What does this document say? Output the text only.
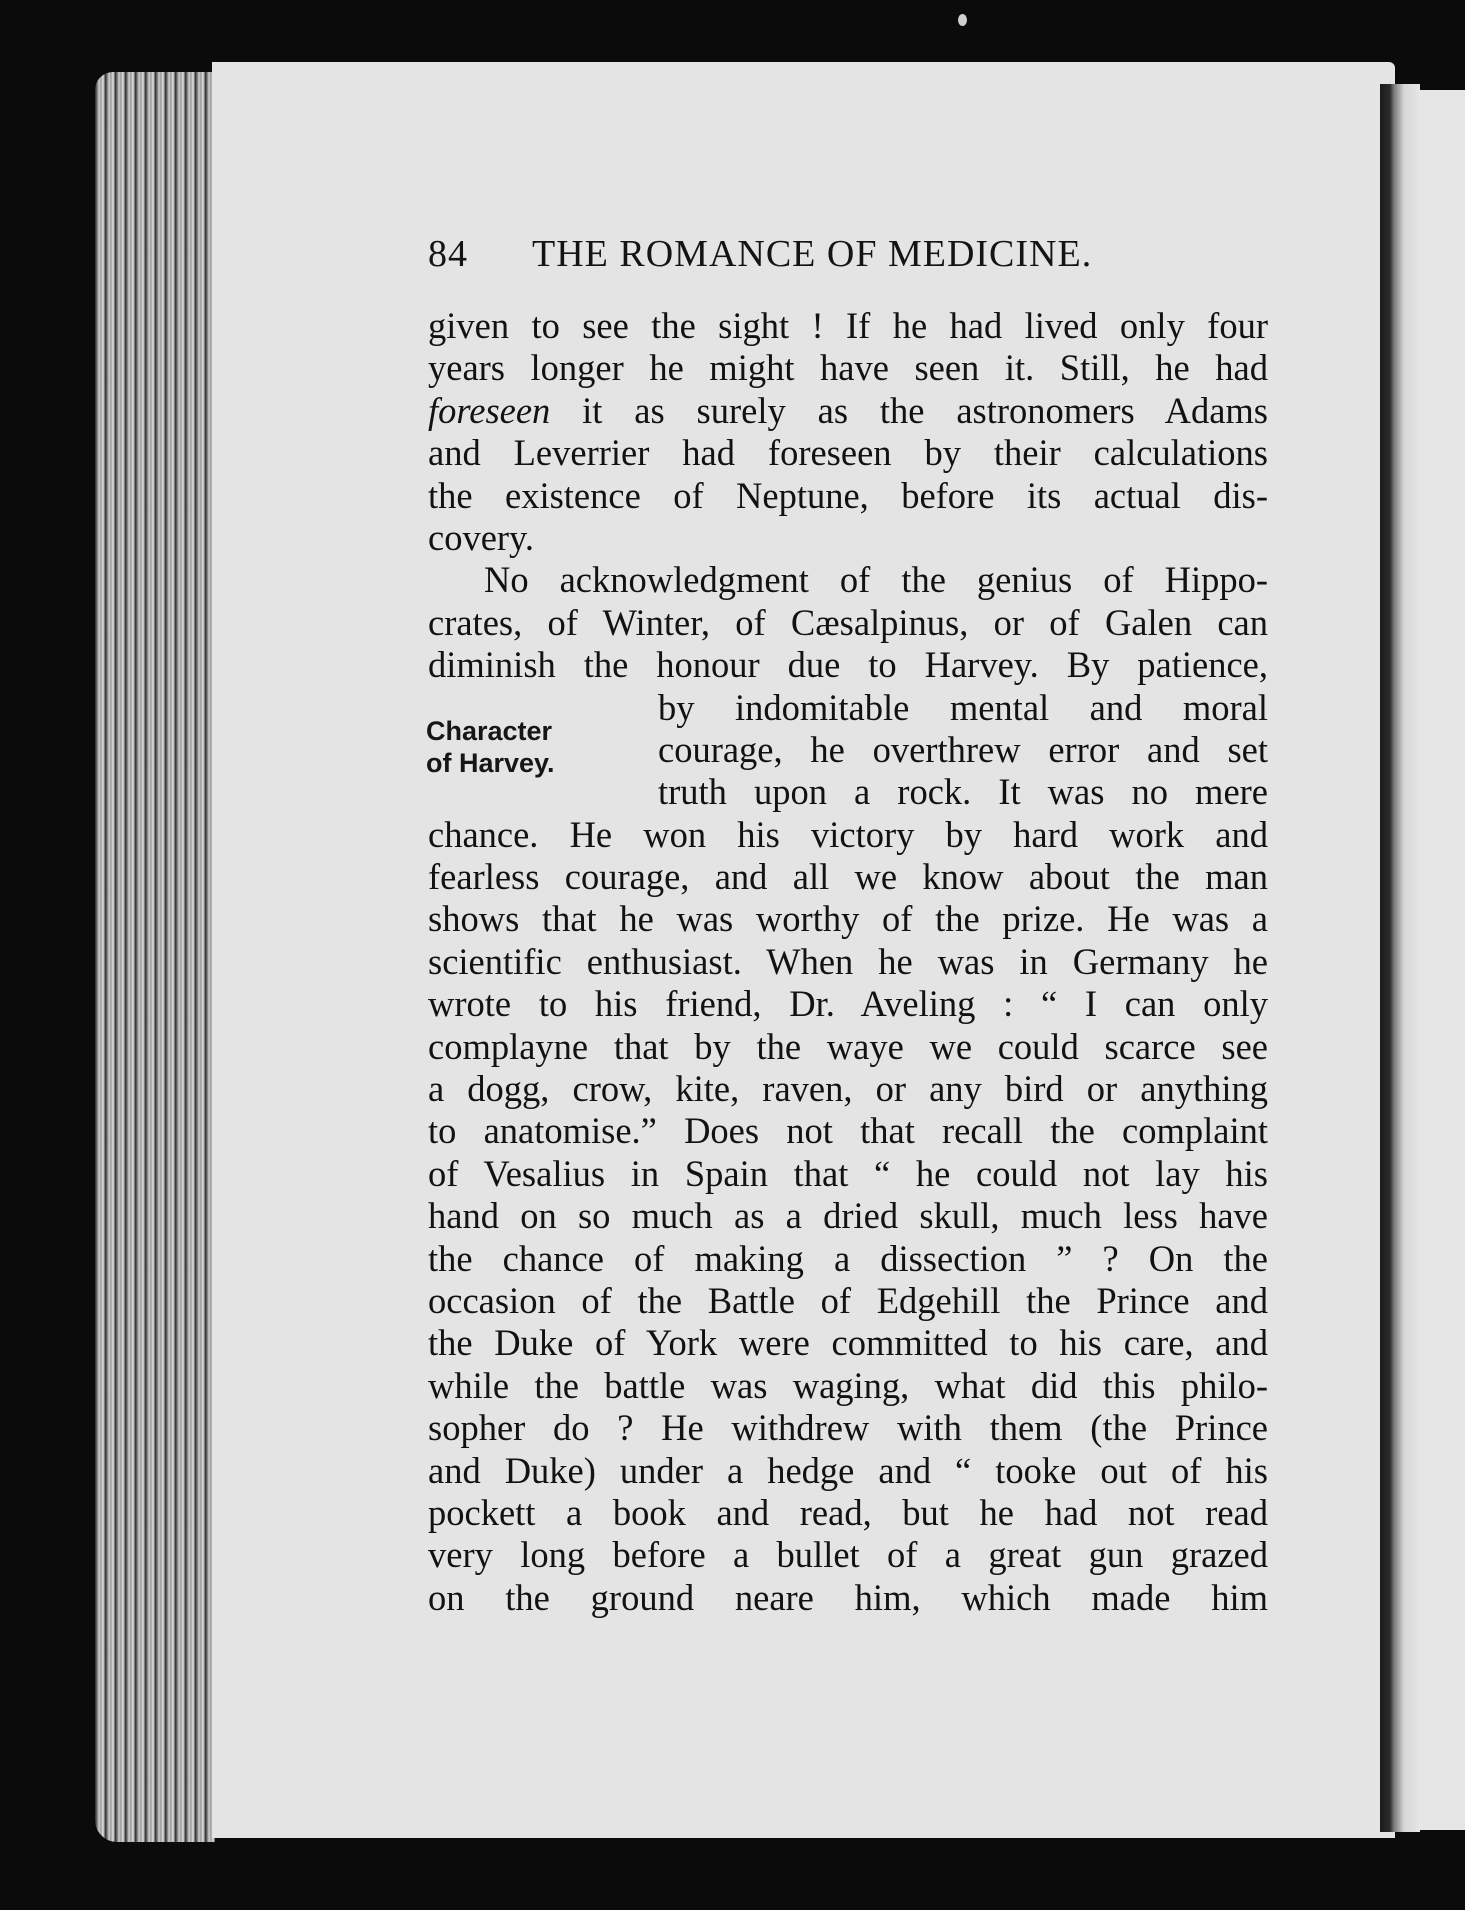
84 THE ROMANCE OF MEDICINE.
Character
of Harvey.
given to see the sight ! If he had lived only four
years longer he might have seen it. Still, he had
foreseen it as surely as the astronomers Adams
and Leverrier had foreseen by their calculations
the existence of Neptune, before its actual dis-
covery.
No acknowledgment of the genius of Hippo-
crates, of Winter, of Cæsalpinus, or of Galen can
diminish the honour due to Harvey. By patience,
by indomitable mental and moral
courage, he overthrew error and set
truth upon a rock. It was no mere
chance. He won his victory by hard work and
fearless courage, and all we know about the man
shows that he was worthy of the prize. He was a
scientific enthusiast. When he was in Germany he
wrote to his friend, Dr. Aveling : “ I can only
complayne that by the waye we could scarce see
a dogg, crow, kite, raven, or any bird or anything
to anatomise.” Does not that recall the complaint
of Vesalius in Spain that “ he could not lay his
hand on so much as a dried skull, much less have
the chance of making a dissection ” ? On the
occasion of the Battle of Edgehill the Prince and
the Duke of York were committed to his care, and
while the battle was waging, what did this philo-
sopher do ? He withdrew with them (the Prince
and Duke) under a hedge and “ tooke out of his
pockett a book and read, but he had not read
very long before a bullet of a great gun grazed
on the ground neare him, which made him
